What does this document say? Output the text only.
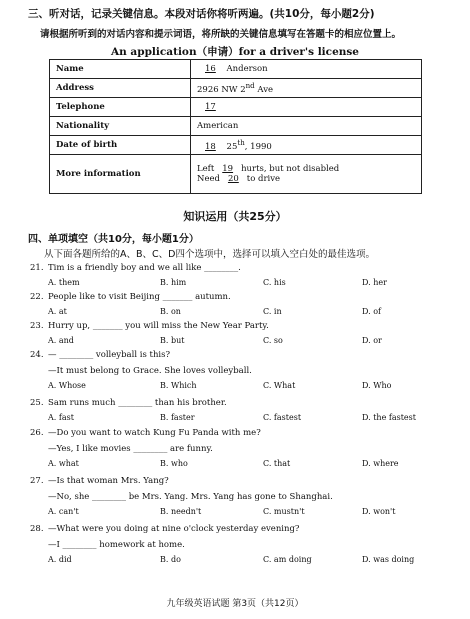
三、听对话，记录关键信息。本段对话你将听两遍。(共10分，每小题2分)
请根据所听到的对话内容和提示词语，将所缺的关键信息填写在答题卡的相应位置上。
An application（申请）for a driver's license
Name	16 Anderson
Address	2926 NW 2nd Ave
Telephone	17
Nationality	American
Date of birth	18 25th, 1990
More information	Left 19 hurts, but not disabled
Need 20 to drive
知识运用（共25分）
四、单项填空（共10分，每小题1分）
从下面各题所给的A、B、C、D四个选项中，选择可以填入空白处的最佳选项。
21. Tim is a friendly boy and we all like ________.
A. them	B. him	C. his	D. her
22. People like to visit Beijing _______ autumn.
A. at	B. on	C. in	D. of
23. Hurry up, _______ you will miss the New Year Party.
A. and	B. but	C. so	D. or
24. — ________ volleyball is this?
—It must belong to Grace. She loves volleyball.
A. Whose	B. Which	C. What	D. Who
25. Sam runs much ________ than his brother.
A. fast	B. faster	C. fastest	D. the fastest
26. —Do you want to watch Kung Fu Panda with me?
—Yes, I like movies ________ are funny.
A. what	B. who	C. that	D. where
27. —Is that woman Mrs. Yang?
—No, she ________ be Mrs. Yang. Mrs. Yang has gone to Shanghai.
A. can't	B. needn't	C. mustn't	D. won't
28. —What were you doing at nine o'clock yesterday evening?
—I ________ homework at home.
A. did	B. do	C. am doing	D. was doing
九年级英语试题 第3页（共12页）
